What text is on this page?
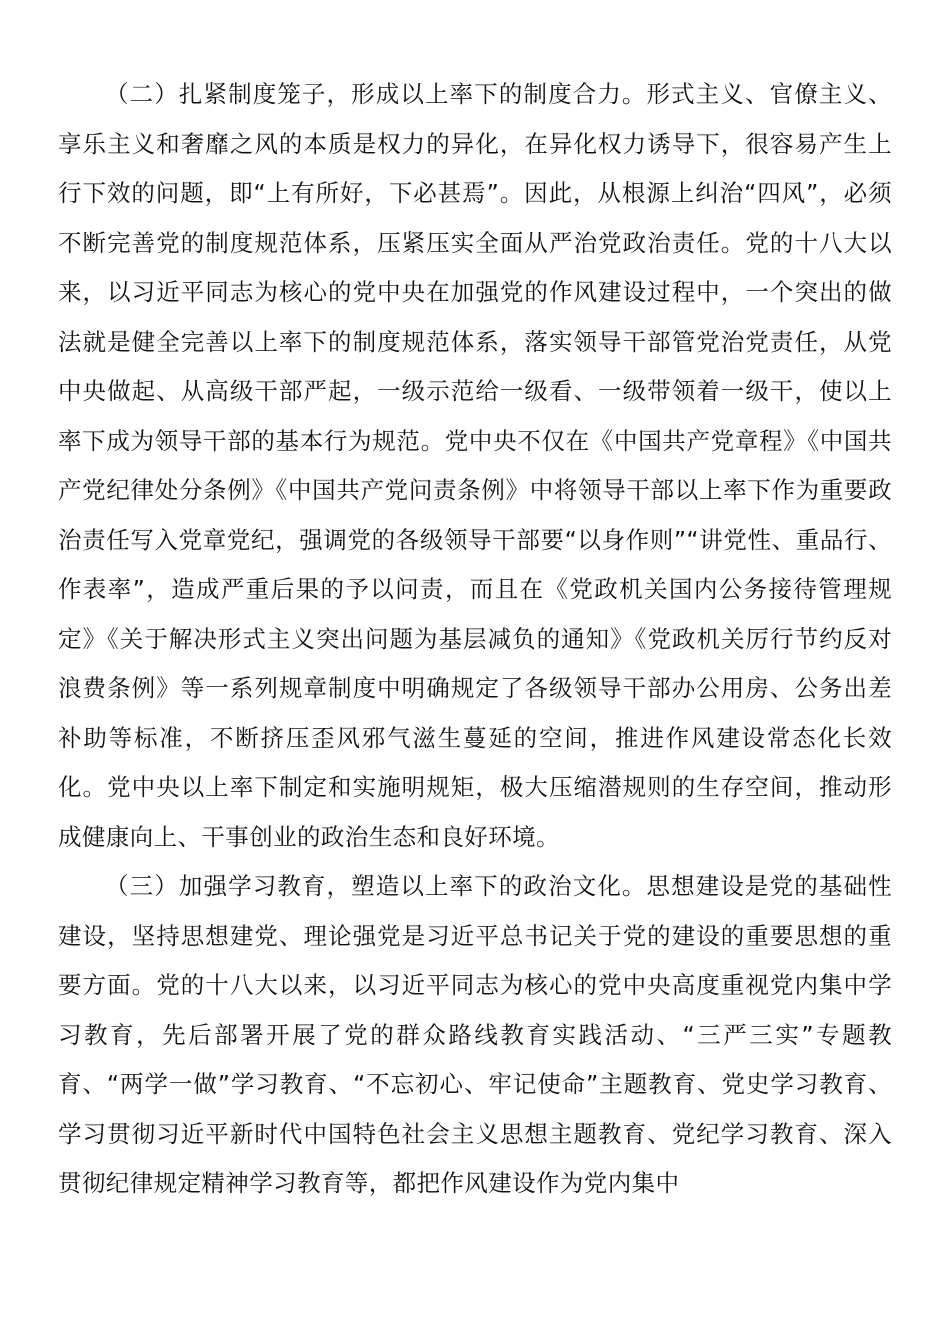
（二）扎紧制度笼子，形成以上率下的制度合力。形式主义、官僚主义、享乐主义和奢靡之风的本质是权力的异化，在异化权力诱导下，很容易产生上行下效的问题，即“上有所好，下必甚焉”。因此，从根源上纠治“四风”，必须不断完善党的制度规范体系，压紧压实全面从严治党政治责任。党的十八大以来，以习近平同志为核心的党中央在加强党的作风建设过程中，一个突出的做法就是健全完善以上率下的制度规范体系，落实领导干部管党治党责任，从党中央做起、从高级干部严起，一级示范给一级看、一级带领着一级干，使以上率下成为领导干部的基本行为规范。党中央不仅在《中国共产党章程》《中国共产党纪律处分条例》《中国共产党问责条例》中将领导干部以上率下作为重要政治责任写入党章党纪，强调党的各级领导干部要“以身作则”“讲党性、重品行、作表率”，造成严重后果的予以问责，而且在《党政机关国内公务接待管理规定》《关于解决形式主义突出问题为基层减负的通知》《党政机关厉行节约反对浪费条例》等一系列规章制度中明确规定了各级领导干部办公用房、公务出差补助等标准，不断挤压歪风邪气滋生蔓延的空间，推进作风建设常态化长效化。党中央以上率下制定和实施明规矩，极大压缩潜规则的生存空间，推动形成健康向上、干事创业的政治生态和良好环境。

（三）加强学习教育，塑造以上率下的政治文化。思想建设是党的基础性建设，坚持思想建党、理论强党是习近平总书记关于党的建设的重要思想的重要方面。党的十八大以来，以习近平同志为核心的党中央高度重视党内集中学习教育，先后部署开展了党的群众路线教育实践活动、“三严三实”专题教育、“两学一做”学习教育、“不忘初心、牢记使命”主题教育、党史学习教育、学习贯彻习近平新时代中国特色社会主义思想主题教育、党纪学习教育、深入贯彻纪律规定精神学习教育等，都把作风建设作为党内集中
